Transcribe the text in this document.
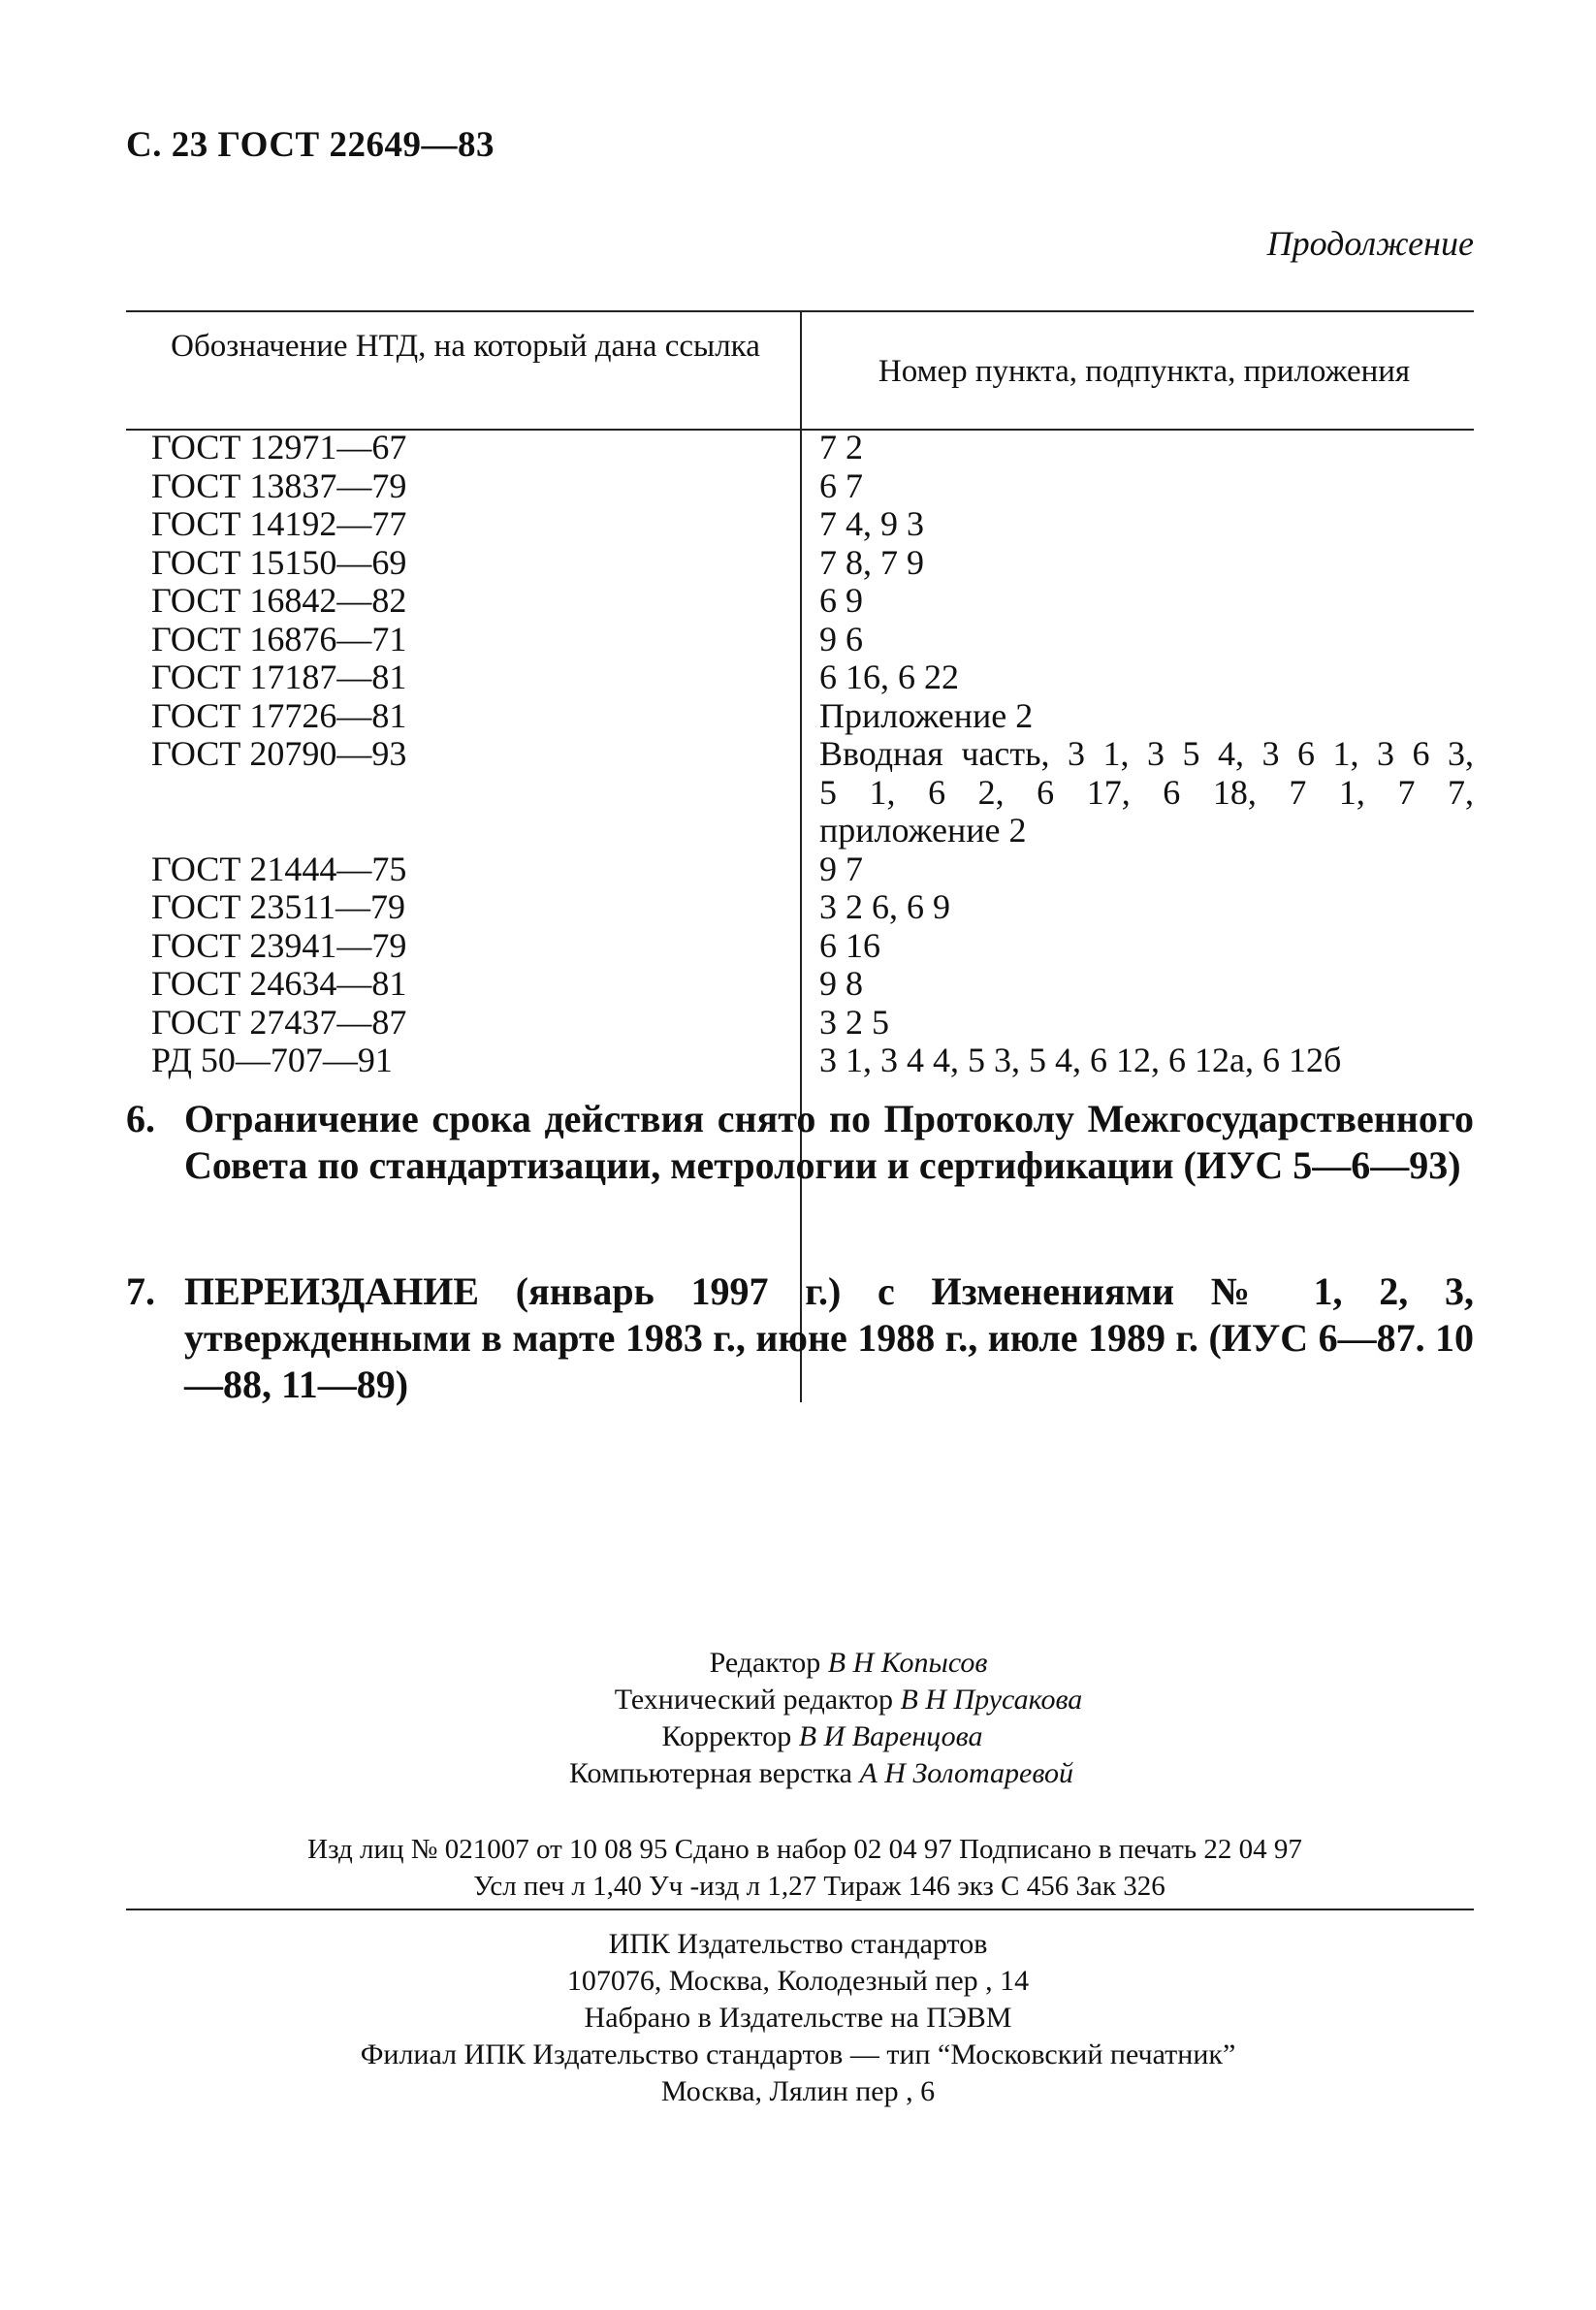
С. 23 ГОСТ 22649—83
Продолжение
Обозначение НТД, на который дана ссылка
Номер пункта, подпункта, приложения
ГОСТ 12971—67	7 2
ГОСТ 13837—79	6 7
ГОСТ 14192—77	7 4, 9 3
ГОСТ 15150—69	7 8, 7 9
ГОСТ 16842—82	6 9
ГОСТ 16876—71	9 6
ГОСТ 17187—81	6 16, 6 22
ГОСТ 17726—81	Приложение 2
ГОСТ 20790—93	Вводная часть, 3 1, 3 5 4, 3 6 1, 3 6 3,
5 1, 6 2, 6 17, 6 18, 7 1, 7 7,
приложение 2
ГОСТ 21444—75	9 7
ГОСТ 23511—79	3 2 6, 6 9
ГОСТ 23941—79	6 16
ГОСТ 24634—81	9 8
ГОСТ 27437—87	3 2 5
РД 50—707—91	3 1, 3 4 4, 5 3, 5 4, 6 12, 6 12а, 6 12б
6. Ограничение срока действия снято по Протоколу Межгосударственного Совета по стандартизации, метрологии и сертификации (ИУС 5—6—93)
7. ПЕРЕИЗДАНИЕ (январь 1997 г.) с Изменениями № 1, 2, 3, утвержденными в марте 1983 г., июне 1988 г., июле 1989 г. (ИУС 6—87. 10—88, 11—89)
Редактор В Н Копысов
Технический редактор В Н Прусакова
Корректор В И Варенцова
Компьютерная верстка А Н Золотаревой
Изд лиц № 021007 от 10 08 95 Сдано в набор 02 04 97 Подписано в печать 22 04 97
Усл печ л 1,40 Уч -изд л 1,27 Тираж 146 экз С 456 Зак 326
ИПК Издательство стандартов
107076, Москва, Колодезный пер , 14
Набрано в Издательстве на ПЭВМ
Филиал ИПК Издательство стандартов — тип “Московский печатник”
Москва, Лялин пер , 6
